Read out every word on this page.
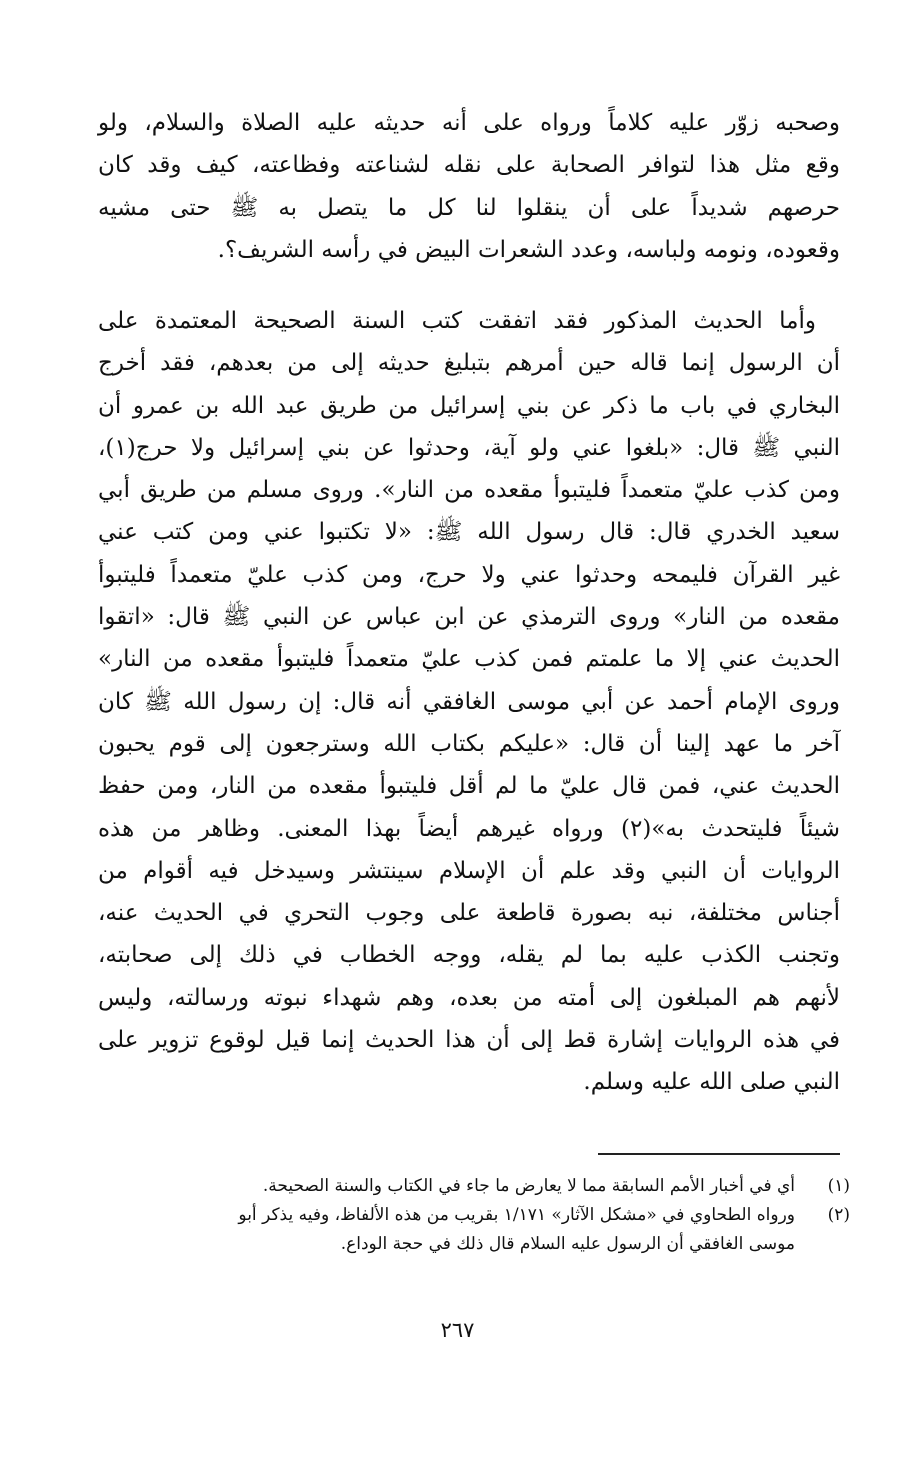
وصحبه زوّر عليه كلاماً ورواه على أنه حديثه عليه الصلاة والسلام، ولو
وقع مثل هذا لتوافر الصحابة على نقله لشناعته وفظاعته، كيف وقد كان
حرصهم شديداً على أن ينقلوا لنا كل ما يتصل به ﷺ حتى مشيه
وقعوده، ونومه ولباسه، وعدد الشعرات البيض في رأسه الشريف؟.
وأما الحديث المذكور فقد اتفقت كتب السنة الصحيحة المعتمدة على
أن الرسول إنما قاله حين أمرهم بتبليغ حديثه إلى من بعدهم، فقد أخرج
البخاري في باب ما ذكر عن بني إسرائيل من طريق عبد الله بن عمرو أن
النبي ﷺ قال: «بلغوا عني ولو آية، وحدثوا عن بني إسرائيل ولا حرج(١)،
ومن كذب عليّ متعمداً فليتبوأ مقعده من النار». وروى مسلم من طريق أبي
سعيد الخدري قال: قال رسول الله ﷺ: «لا تكتبوا عني ومن كتب عني
غير القرآن فليمحه وحدثوا عني ولا حرج، ومن كذب عليّ متعمداً فليتبوأ
مقعده من النار» وروى الترمذي عن ابن عباس عن النبي ﷺ قال: «اتقوا
الحديث عني إلا ما علمتم فمن كذب عليّ متعمداً فليتبوأ مقعده من النار»
وروى الإمام أحمد عن أبي موسى الغافقي أنه قال: إن رسول الله ﷺ كان
آخر ما عهد إلينا أن قال: «عليكم بكتاب الله وسترجعون إلى قوم يحبون
الحديث عني، فمن قال عليّ ما لم أقل فليتبوأ مقعده من النار، ومن حفظ
شيئاً فليتحدث به»(٢) ورواه غيرهم أيضاً بهذا المعنى. وظاهر من هذه
الروايات أن النبي وقد علم أن الإسلام سينتشر وسيدخل فيه أقوام من
أجناس مختلفة، نبه بصورة قاطعة على وجوب التحري في الحديث عنه،
وتجنب الكذب عليه بما لم يقله، ووجه الخطاب في ذلك إلى صحابته،
لأنهم هم المبلغون إلى أمته من بعده، وهم شهداء نبوته ورسالته، وليس
في هذه الروايات إشارة قط إلى أن هذا الحديث إنما قيل لوقوع تزوير على
النبي صلى الله عليه وسلم.
(١)أي في أخبار الأمم السابقة مما لا يعارض ما جاء في الكتاب والسنة الصحيحة.
(٢)ورواه الطحاوي في «مشكل الآثار» ١/١٧١ بقريب من هذه الألفاظ، وفيه يذكر أبو
موسى الغافقي أن الرسول عليه السلام قال ذلك في حجة الوداع.
٢٦٧
